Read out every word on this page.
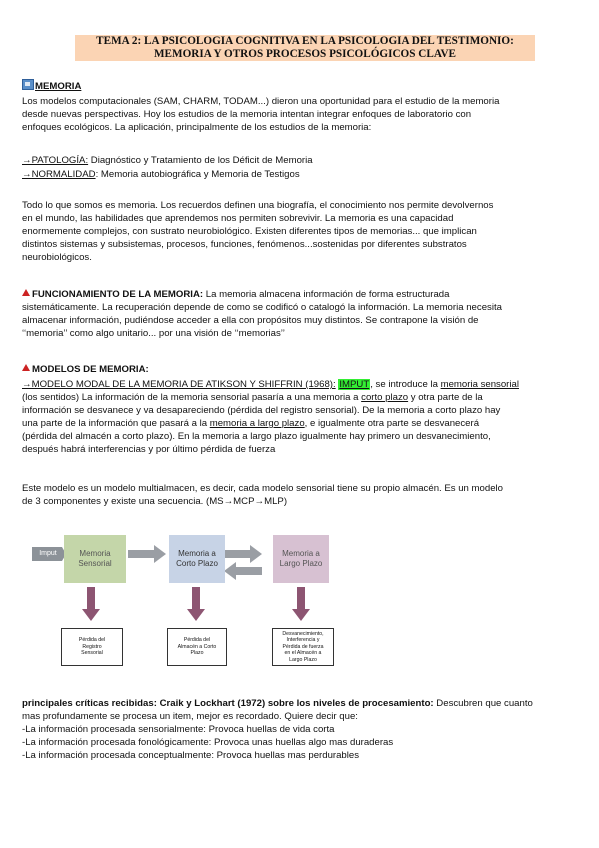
TEMA 2: LA PSICOLOGIA COGNITIVA EN LA PSICOLOGIA DEL TESTIMONIO:
MEMORIA Y OTROS PROCESOS PSICOLÓGICOS CLAVE
MEMORIA
Los modelos computacionales (SAM, CHARM, TODAM...) dieron una oportunidad para el estudio de la memoria
desde nuevas perspectivas. Hoy los estudios de la memoria intentan integrar enfoques de laboratorio con
enfoques ecológicos. La aplicación, principalmente de los estudios de la memoria:
→PATOLOGÍA: Diagnóstico y Tratamiento de los Déficit de Memoria
→NORMALIDAD: Memoria autobiográfica y Memoria de Testigos
Todo lo que somos es memoria. Los recuerdos definen una biografía, el conocimiento nos permite devolvernos
en el mundo, las habilidades que aprendemos nos permiten sobrevivir. La memoria es una capacidad
enormemente complejos, con sustrato neurobiológico. Existen diferentes tipos de memorias... que implican
distintos sistemas y subsistemas, procesos, funciones, fenómenos...sostenidas por diferentes substratos
neurobiológicos.
FUNCIONAMIENTO DE LA MEMORIA: La memoria almacena información de forma estructurada
sistemáticamente. La recuperación depende de como se codificó o catalogó la información. La memoria necesita
almacenar información, pudiéndose acceder a ella con propósitos muy distintos. Se contrapone la visión de
‘‘memoria’’ como algo unitario... por una visión de ‘‘memorias’’
MODELOS DE MEMORIA:
→MODELO MODAL DE LA MEMORIA DE ATIKSON Y SHIFFRIN (1968): IMPUT, se introduce la memoria sensorial
(los sentidos) La información de la memoria sensorial pasaría a una memoria a corto plazo y otra parte de la
información se desvanece y va desapareciendo (pérdida del registro sensorial). De la memoria a corto plazo hay
una parte de la información que pasará a la memoria a largo plazo, e igualmente otra parte se desvanecerá
(pérdida del almacén a corto plazo). En la memoria a largo plazo igualmente hay primero un desvanecimiento,
después habrá interferencias y por último pérdida de fuerza
Este modelo es un modelo multialmacen, es decir, cada modelo sensorial tiene su propio almacén. Es un modelo
de 3 componentes y existe una secuencia. (MS→MCP→MLP)
Imput	Memoria
Sensorial
Memoria a
Corto Plazo
Memoria a
Largo Plazo
Pérdida del
Registro
Sensorial
Pérdida del
Almacén a Corto
Plazo
Desvanecimiento,
Interferencia y
Pérdida de fuerza
en el Almacén a
Largo Plazo
principales críticas recibidas: Craik y Lockhart (1972) sobre los niveles de procesamiento: Descubren que cuanto
mas profundamente se procesa un item, mejor es recordado. Quiere decir que:
-La información procesada sensorialmente: Provoca huellas de vida corta
-La información procesada fonológicamente: Provoca unas huellas algo mas duraderas
-La información procesada conceptualmente: Provoca huellas mas perdurables
